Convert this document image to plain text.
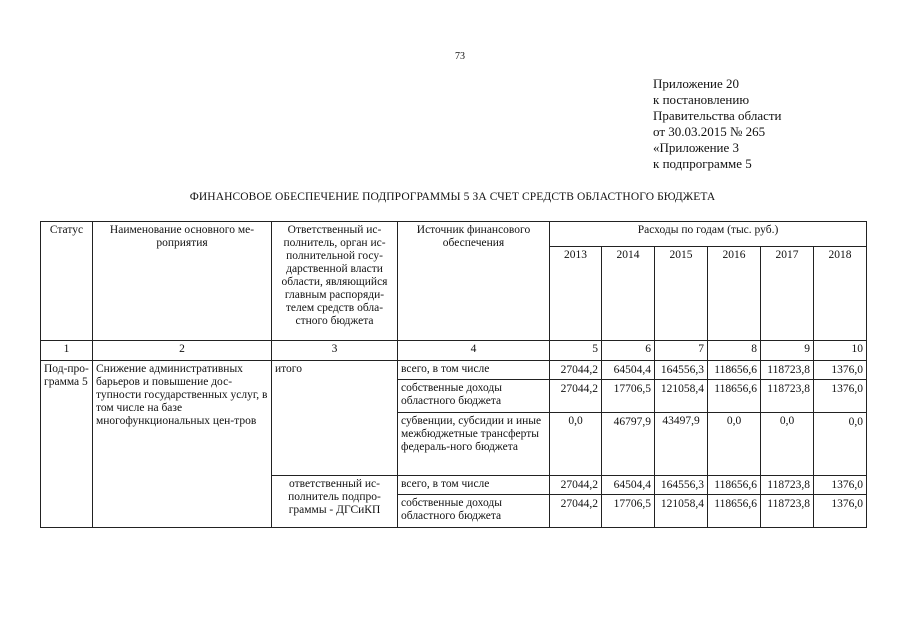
73
Приложение 20
к постановлению
Правительства области
от 30.03.2015 № 265
«Приложение 3
к подпрограмме 5
ФИНАНСОВОЕ ОБЕСПЕЧЕНИЕ ПОДПРОГРАММЫ 5 ЗА СЧЕТ СРЕДСТВ ОБЛАСТНОГО БЮДЖЕТА
Статус	Наименование основного ме-роприятия	Ответственный ис-полнитель, орган ис-полнительной госу-дарственной власти области, являющийся главным распоряди-телем средств обла-стного бюджета	Источник финансового обеспечения	Расходы по годам (тыс. руб.)					
				2013	2014	2015	2016	2017	2018
1	2	3	4	5	6	7	8	9	10
Под-про-грамма 5	Снижение административных барьеров и повышение дос-тупности государственных услуг, в том числе на базе многофункциональных цен-тров	итого	всего, в том числе	27044,2	64504,4	164556,3	118656,6	118723,8	1376,0
			собственные доходы областного бюджета	27044,2	17706,5	121058,4	118656,6	118723,8	1376,0
			субвенции, субсидии и иные межбюджетные трансферты федераль-ного бюджета	0,0	46797,9	43497,9	0,0	0,0	0,0
		ответственный ис-полнитель подпро-граммы - ДГСиКП	всего, в том числе	27044,2	64504,4	164556,3	118656,6	118723,8	1376,0
			собственные доходы областного бюджета	27044,2	17706,5	121058,4	118656,6	118723,8	1376,0
